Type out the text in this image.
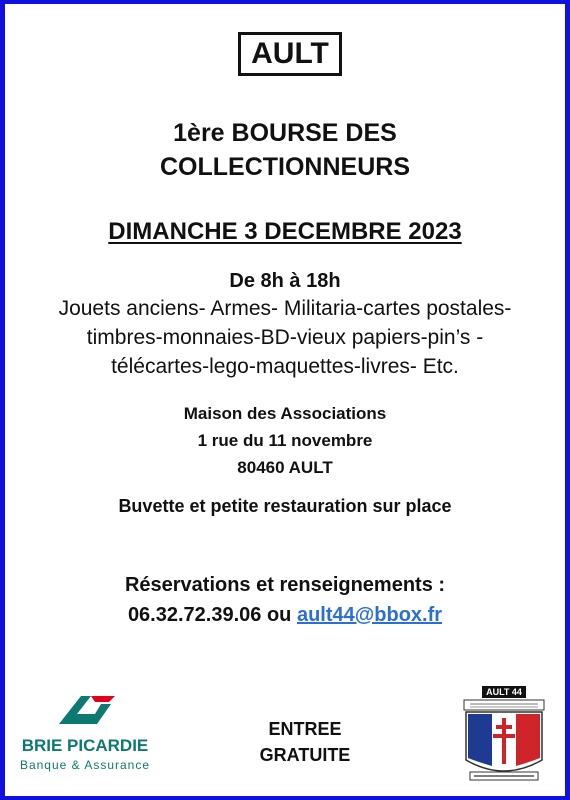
AULT
1ère BOURSE DES
COLLECTIONNEURS
DIMANCHE 3 DECEMBRE 2023
De 8h à 18h
Jouets anciens- Armes- Militaria-cartes postales-
timbres-monnaies-BD-vieux papiers-pin’s -
télécartes-lego-maquettes-livres- Etc.
Maison des Associations
1 rue du 11 novembre
80460 AULT
Buvette et petite restauration sur place
Réservations et renseignements :
06.32.72.39.06 ou ault44@bbox.fr
BRIE PICARDIE
Banque & Assurance
ENTREE
GRATUITE
AULT 44
